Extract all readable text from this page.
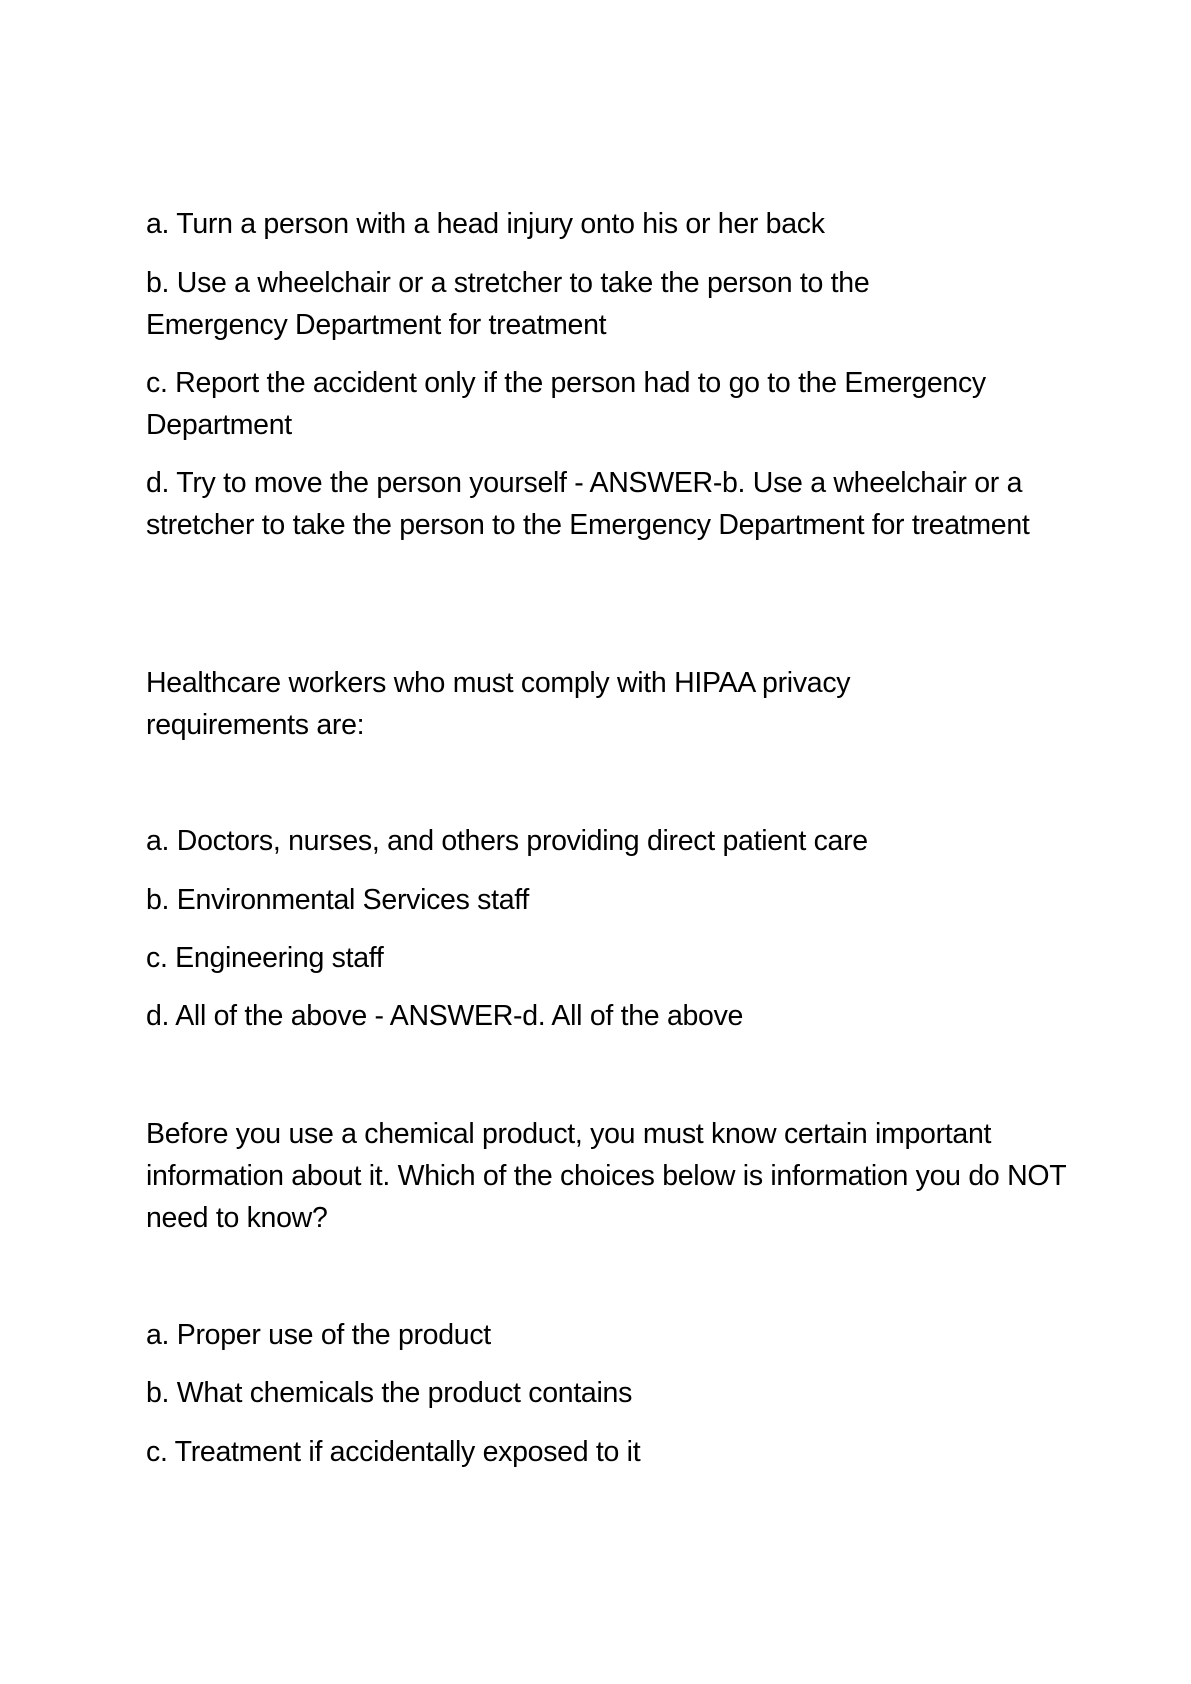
a. Turn a person with a head injury onto his or her back

b. Use a wheelchair or a stretcher to take the person to the Emergency Department for treatment

c. Report the accident only if the person had to go to the Emergency Department

d. Try to move the person yourself - ANSWER-b. Use a wheelchair or a stretcher to take the person to the Emergency Department for treatment

Healthcare workers who must comply with HIPAA privacy requirements are:

a. Doctors, nurses, and others providing direct patient care

b. Environmental Services staff

c. Engineering staff

d. All of the above - ANSWER-d. All of the above

Before you use a chemical product, you must know certain important information about it. Which of the choices below is information you do NOT need to know?

a. Proper use of the product

b. What chemicals the product contains

c. Treatment if accidentally exposed to it
